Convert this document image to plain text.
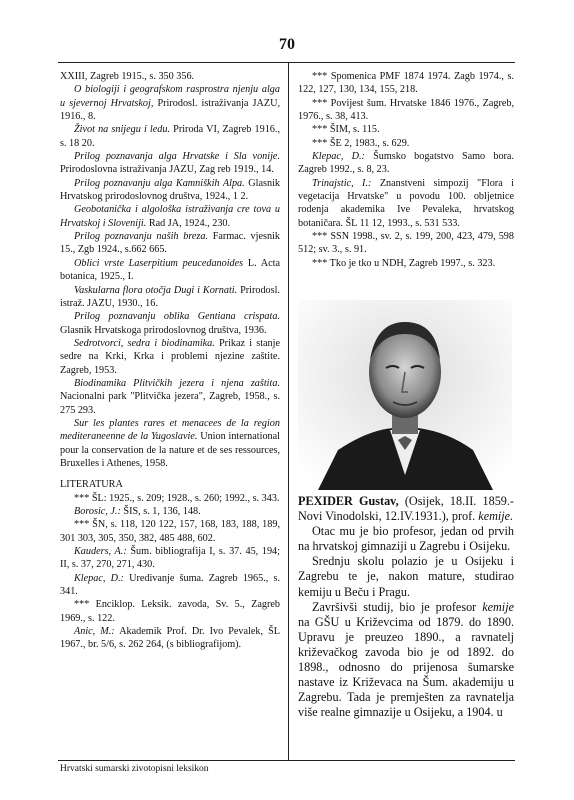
70

XXIII, Zagreb 1915., s. 350 356.

O biologiji i geografskom rasprostra njenju alga u sjevernoj Hrvatskoj, Prirodosl. istraživanja JAZU, 1916., 8.

Život na snijegu i ledu. Priroda VI, Zagreb 1916., s. 18 20.

Prilog poznavanja alga Hrvatske i Sla vonije. Prirodoslovna istraživanja JAZU, Zag reb 1919., 14.

Prilog poznavanju alga Kamniških Alpa. Glasnik Hrvatskog prirodoslovnog društva, 1924., 1 2.

Geobotanička i algološka istraživanja cre tova u Hrvatskoj i Sloveniji. Rad JA, 1924., 230.

Prilog poznavanju naših breza. Farmac. vjesnik 15., Zgb 1924., s.662 665.

Oblici vrste Laserpitium peucedanoides L. Acta botanica, 1925., I.

Vaskularna flora otočja Dugi i Kornati. Prirodosl. istraž. JAZU, 1930., 16.

Prilog poznavanju oblika Gentiana crispata. Glasnik Hrvatskoga prirodoslovnog društva, 1936.

Sedrotvorci, sedra i biodinamika. Prikaz i stanje sedre na Krki, Krka i problemi njezine zaštite. Zagreb, 1953.

Biodinamika Plitvičkih jezera i njena zaštita. Nacionalni park "Plitvička jezera", Zagreb, 1958., s. 275 293.

Sur les plantes rares et menacees de la region mediteraneenne de la Yugoslavie. Union international pour la conservation de la nature et de ses ressources, Bruxelles i Athenes, 1958.

LITERATURA

*** ŠL: 1925., s. 209; 1928., s. 260; 1992., s. 343.

Borosic, J.: ŠIS, s. 1, 136, 148.

*** ŠN, s. 118, 120 122, 157, 168, 183, 188, 189, 301 303, 305, 350, 382, 485 488, 602.

Kauders, A.: Šum. bibliografija I, s. 37. 45, 194; II, s. 37, 270, 271, 430.

Klepac, D.: Uredivanje šuma. Zagreb 1965., s. 341.

*** Enciklop. Leksik. zavoda, Sv. 5., Zagreb 1969., s. 122.

Anic, M.: Akademik Prof. Dr. Ivo Pevalek, ŠL 1967., br. 5/6, s. 262 264, (s bibliografijom).

*** Spomenica PMF 1874 1974. Zagb 1974., s. 122, 127, 130, 134, 155, 218.

*** Povijest šum. Hrvatske 1846 1976., Zagreb, 1976., s. 38, 413.

*** ŠIM, s. 115.

*** ŠE 2, 1983., s. 629.

Klepac, D.: Šumsko bogatstvo Samo bora. Zagreb 1992., s. 8, 23.

Trinajstic, I.: Znanstveni simpozij "Flora i vegetacija Hrvatske" u povodu 100. obljetnice rodenja akademika Ive Pevaleka, hrvatskog botaničara. ŠL 11 12, 1993., s. 531 533.

*** SSN 1998., sv. 2, s. 199, 200, 423, 479, 598 512; sv. 3., s. 91.

*** Tko je tko u NDH, Zagreb 1997., s. 323.

PEXIDER Gustav, (Osijek, 18.II. 1859.- Novi Vinodolski, 12.IV.1931.), prof. kemije.

Otac mu je bio profesor, jedan od prvih na hrvatskoj gimnaziji u Zagrebu i Osijeku.

Srednju skolu polazio je u Osijeku i Zagrebu te je, nakon mature, studirao kemiju u Beču i Pragu.

Završivši studij, bio je profesor kemije na GŠU u Križevcima od 1879. do 1890. Upravu je preuzeo 1890., a ravnatelj križevačkog zavoda bio je od 1892. do 1898., odnosno do prijenosa šumarske nastave iz Križevaca na Šum. akademiju u Zagrebu. Tada je premješten za ravnatelja više realne gimnazije u Osijeku, a 1904. u

Hrvatski sumarski zivotopisni leksikon
